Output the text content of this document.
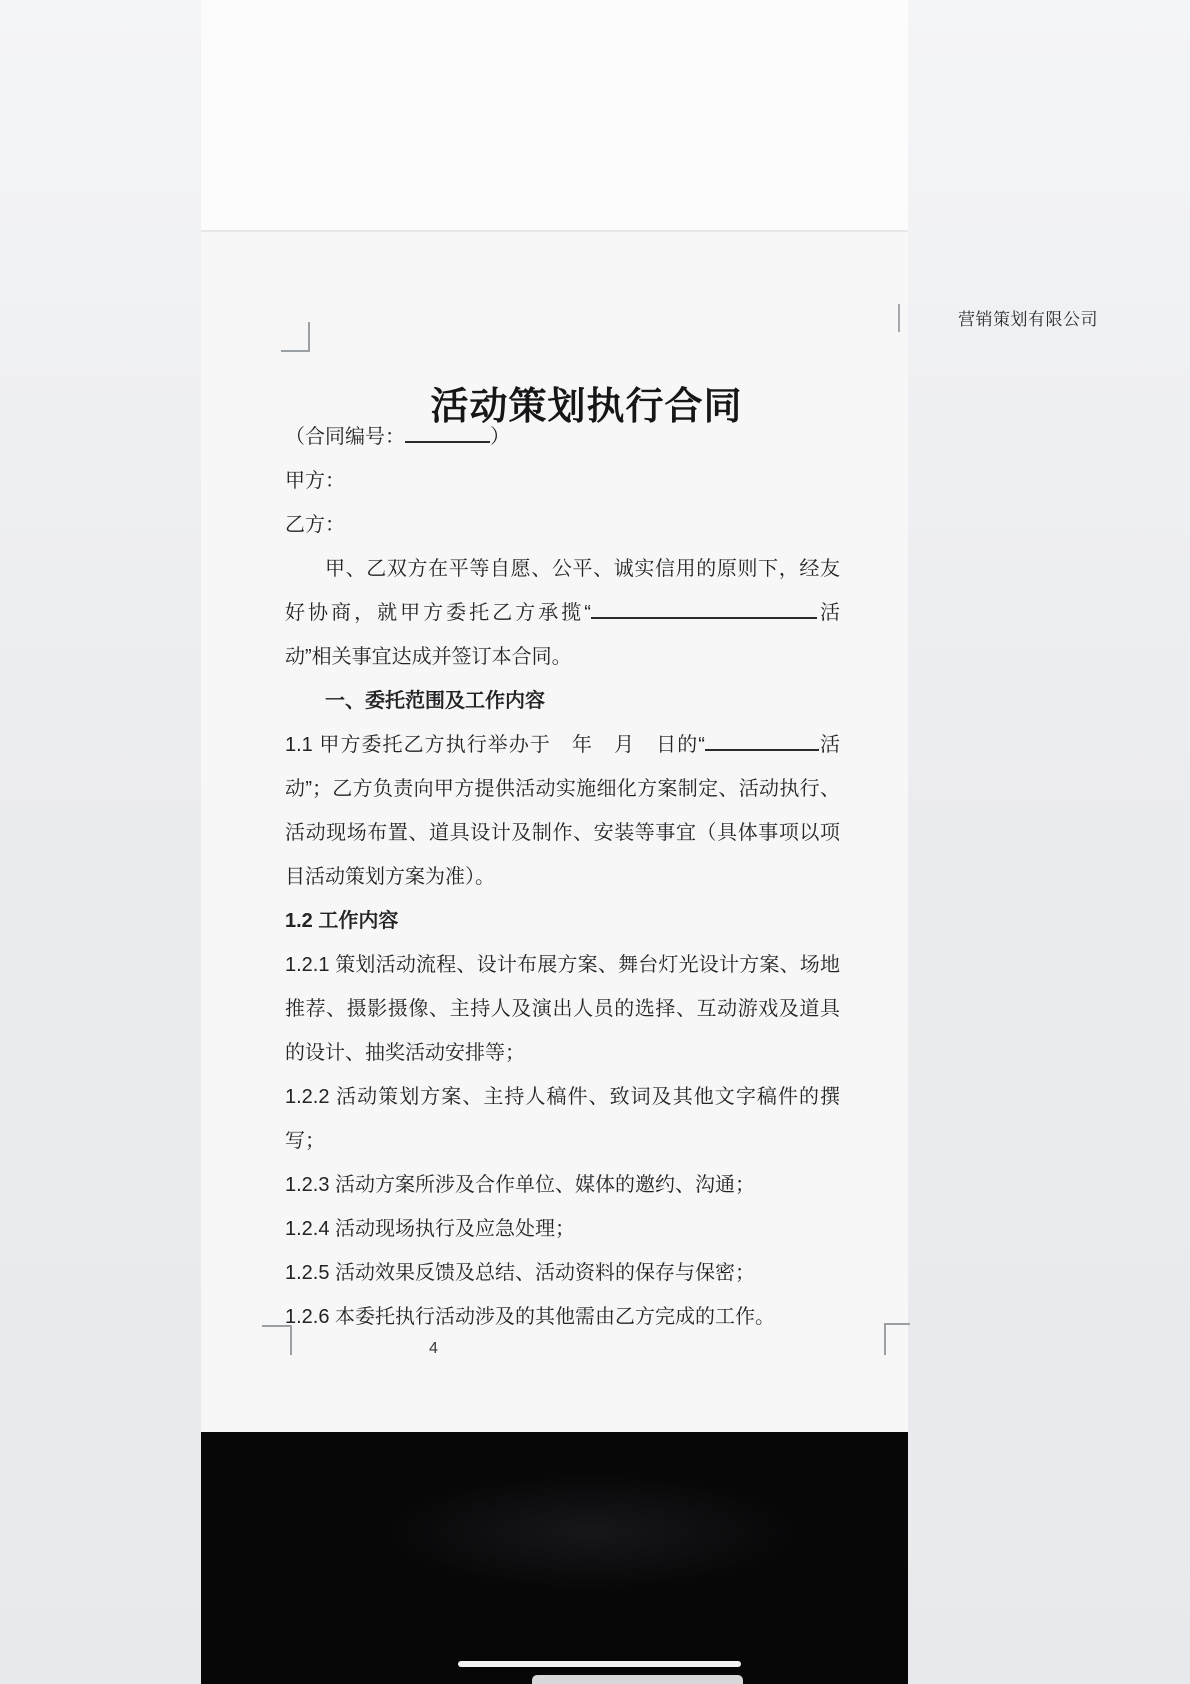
营销策划有限公司
活动策划执行合同

（合同编号：	）

甲方：

乙方：

甲、乙双方在平等自愿、公平、诚实信用的原则下，经友好协商，就甲方委托乙方承揽“	活动”相关事宜达成并签订本合同。

一、委托范围及工作内容

1.1 甲方委托乙方执行举办于　年　月　日的“	活动”；乙方负责向甲方提供活动实施细化方案制定、活动执行、活动现场布置、道具设计及制作、安装等事宜（具体事项以项目活动策划方案为准）。

1.2 工作内容

1.2.1 策划活动流程、设计布展方案、舞台灯光设计方案、场地推荐、摄影摄像、主持人及演出人员的选择、互动游戏及道具的设计、抽奖活动安排等；

1.2.2 活动策划方案、主持人稿件、致词及其他文字稿件的撰写；

1.2.3 活动方案所涉及合作单位、媒体的邀约、沟通；

1.2.4 活动现场执行及应急处理；

1.2.5 活动效果反馈及总结、活动资料的保存与保密；

1.2.6 本委托执行活动涉及的其他需由乙方完成的工作。

4
